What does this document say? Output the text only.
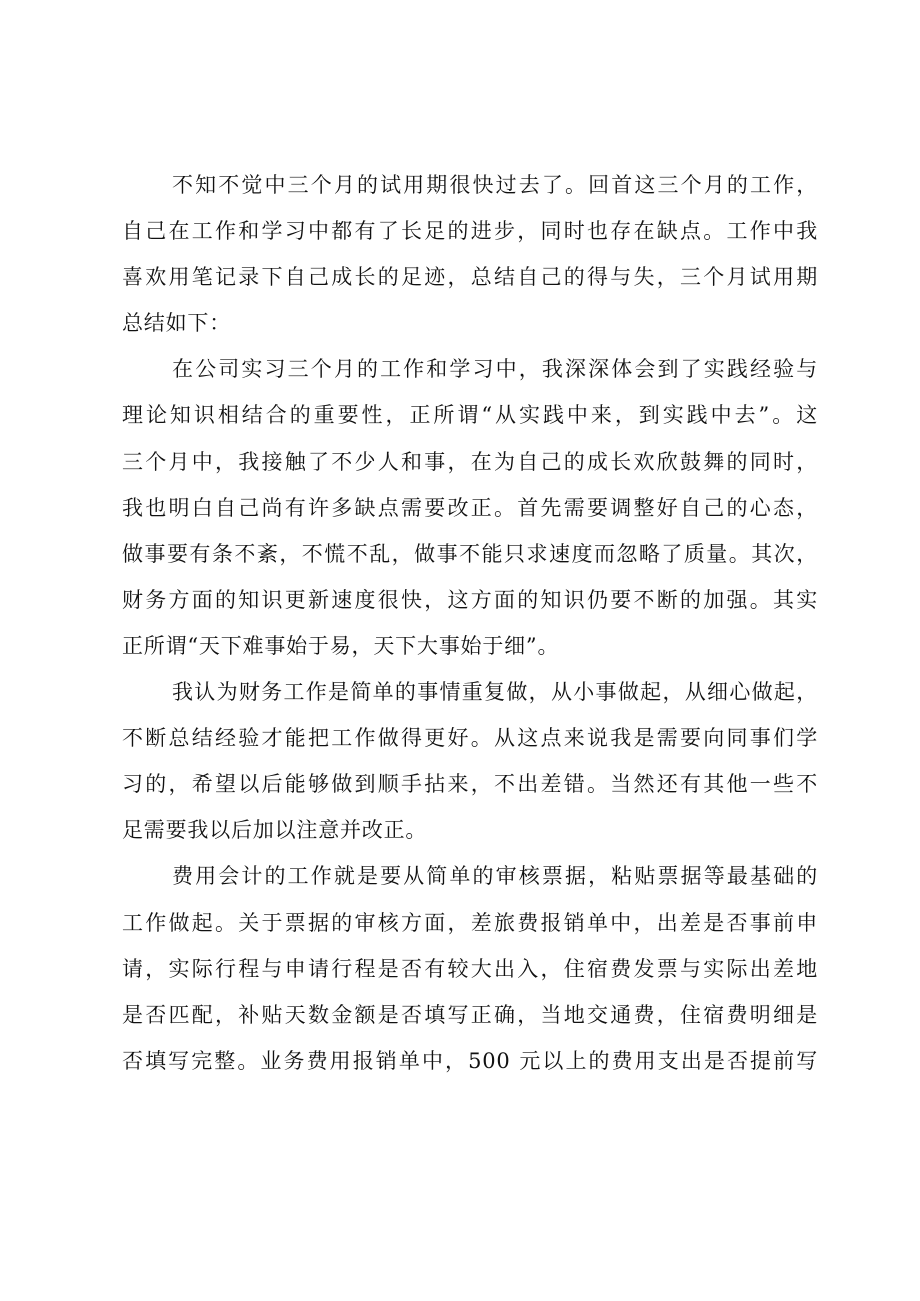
不知不觉中三个月的试用期很快过去了。回首这三个月的工作，
自己在工作和学习中都有了长足的进步，同时也存在缺点。工作中我
喜欢用笔记录下自己成长的足迹，总结自己的得与失，三个月试用期
总结如下：
在公司实习三个月的工作和学习中，我深深体会到了实践经验与
理论知识相结合的重要性，正所谓“从实践中来，到实践中去”。这
三个月中，我接触了不少人和事，在为自己的成长欢欣鼓舞的同时，
我也明白自己尚有许多缺点需要改正。首先需要调整好自己的心态，
做事要有条不紊，不慌不乱，做事不能只求速度而忽略了质量。其次，
财务方面的知识更新速度很快，这方面的知识仍要不断的加强。其实
正所谓“天下难事始于易，天下大事始于细”。
我认为财务工作是简单的事情重复做，从小事做起，从细心做起，
不断总结经验才能把工作做得更好。从这点来说我是需要向同事们学
习的，希望以后能够做到顺手拈来，不出差错。当然还有其他一些不
足需要我以后加以注意并改正。
费用会计的工作就是要从简单的审核票据，粘贴票据等最基础的
工作做起。关于票据的审核方面，差旅费报销单中，出差是否事前申
请，实际行程与申请行程是否有较大出入，住宿费发票与实际出差地
是否匹配，补贴天数金额是否填写正确，当地交通费，住宿费明细是
否填写完整。业务费用报销单中，500 元以上的费用支出是否提前写
